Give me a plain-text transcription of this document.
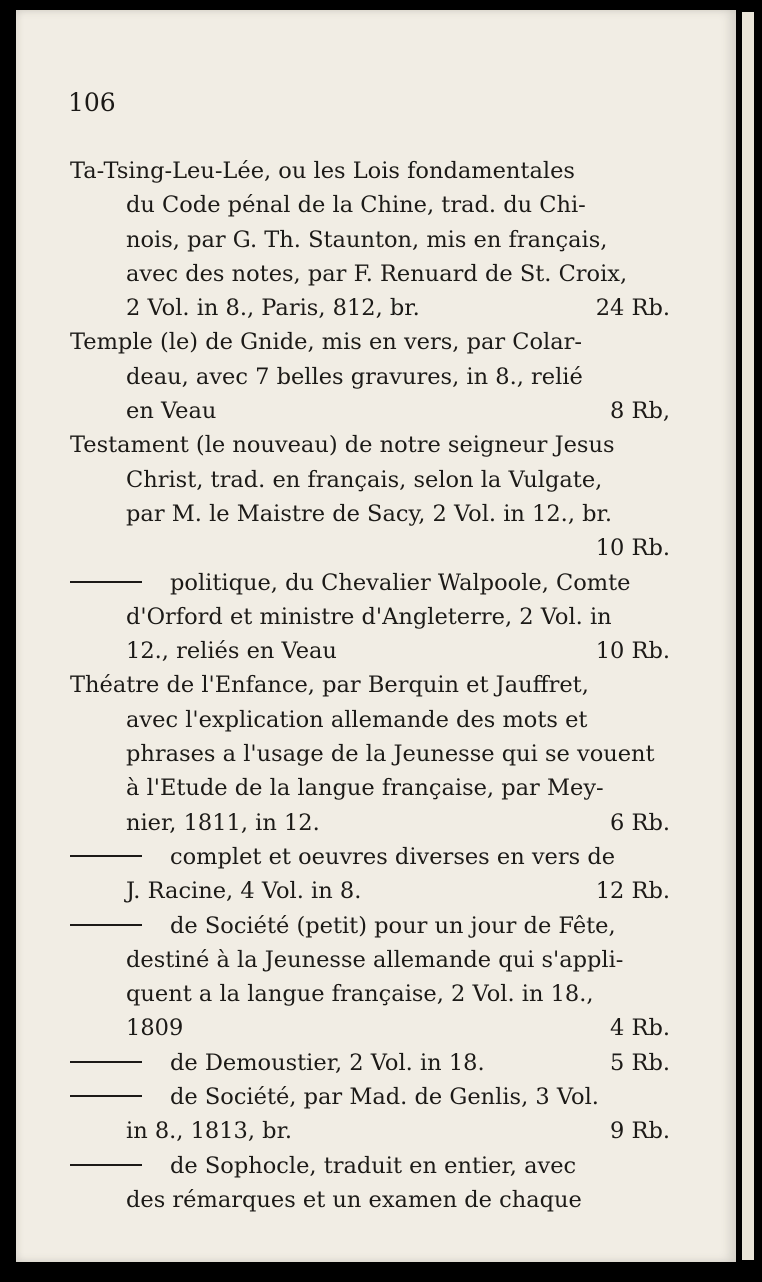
106
Ta-Tsing-Leu-Lée, ou les Lois fondamentales
du Code pénal de la Chine, trad. du Chi-
nois, par G. Th. Staunton, mis en français,
avec des notes, par F. Renuard de St. Croix,
2 Vol. in 8., Paris, 812, br.	24 Rb.
Temple (le) de Gnide, mis en vers, par Colar-
deau, avec 7 belles gravures, in 8., relié
en Veau	8 Rb,
Testament (le nouveau) de notre seigneur Jesus
Christ, trad. en français, selon la Vulgate,
par M. le Maistre de Sacy, 2 Vol. in 12., br.
10 Rb.
politique, du Chevalier Walpoole, Comte
d'Orford et ministre d'Angleterre, 2 Vol. in
12., reliés en Veau	10 Rb.
Théatre de l'Enfance, par Berquin et Jauffret,
avec l'explication allemande des mots et
phrases a l'usage de la Jeunesse qui se vouent
à l'Etude de la langue française, par Mey-
nier, 1811, in 12.	6 Rb.
complet et oeuvres diverses en vers de
J. Racine, 4 Vol. in 8.	12 Rb.
de Société (petit) pour un jour de Fête,
destiné à la Jeunesse allemande qui s'appli-
quent a la langue française, 2 Vol. in 18.,
1809	4 Rb.
de Demoustier, 2 Vol. in 18.	5 Rb.
de Société, par Mad. de Genlis, 3 Vol.
in 8., 1813, br.	9 Rb.
de Sophocle, traduit en entier, avec
des rémarques et un examen de chaque
